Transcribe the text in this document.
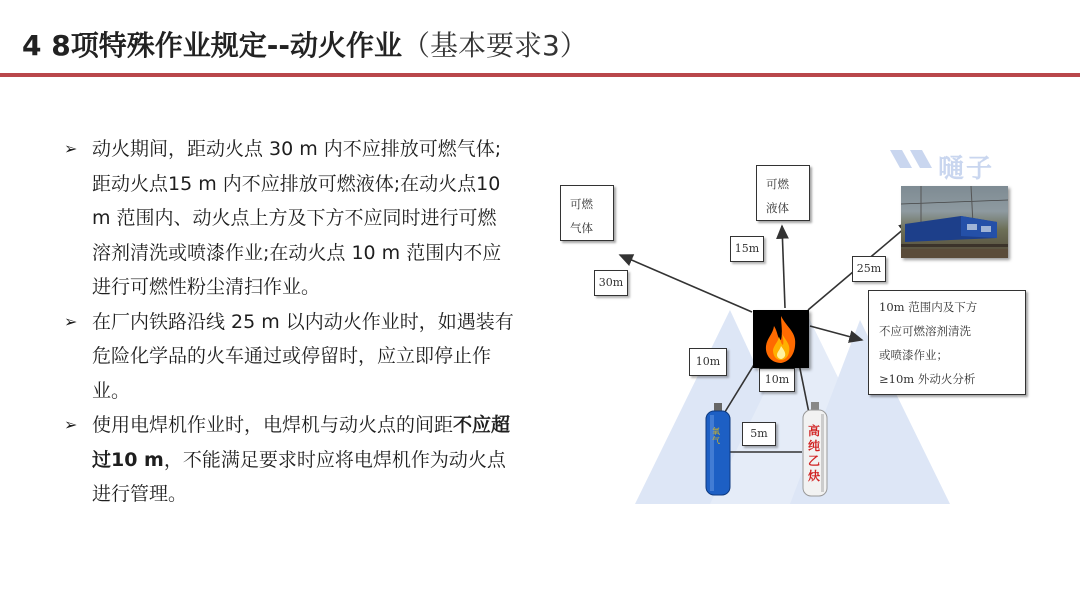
4 8项特殊作业规定--动火作业（基本要求3）
➢ 动火期间，距动火点 30 m 内不应排放可燃气体;距动火点15 m 内不应排放可燃液体;在动火点10 m 范围内、动火点上方及下方不应同时进行可燃溶剂清洗或喷漆作业;在动火点 10 m 范围内不应进行可燃性粉尘清扫作业。
➢ 在厂内铁路沿线 25 m 以内动火作业时，如遇装有危险化学品的火车通过或停留时，应立即停止作业。
➢ 使用电焊机作业时，电焊机与动火点的间距不应超过10 m，不能满足要求时应将电焊机作为动火点进行管理。
嗵子
可燃
气体
可燃
液体
10m 范围内及下方
不应可燃溶剂清洗
或喷漆作业；
≥10m 外动火分析
30m
15m
25m
10m
10m
5m
氧气
高纯乙炔
